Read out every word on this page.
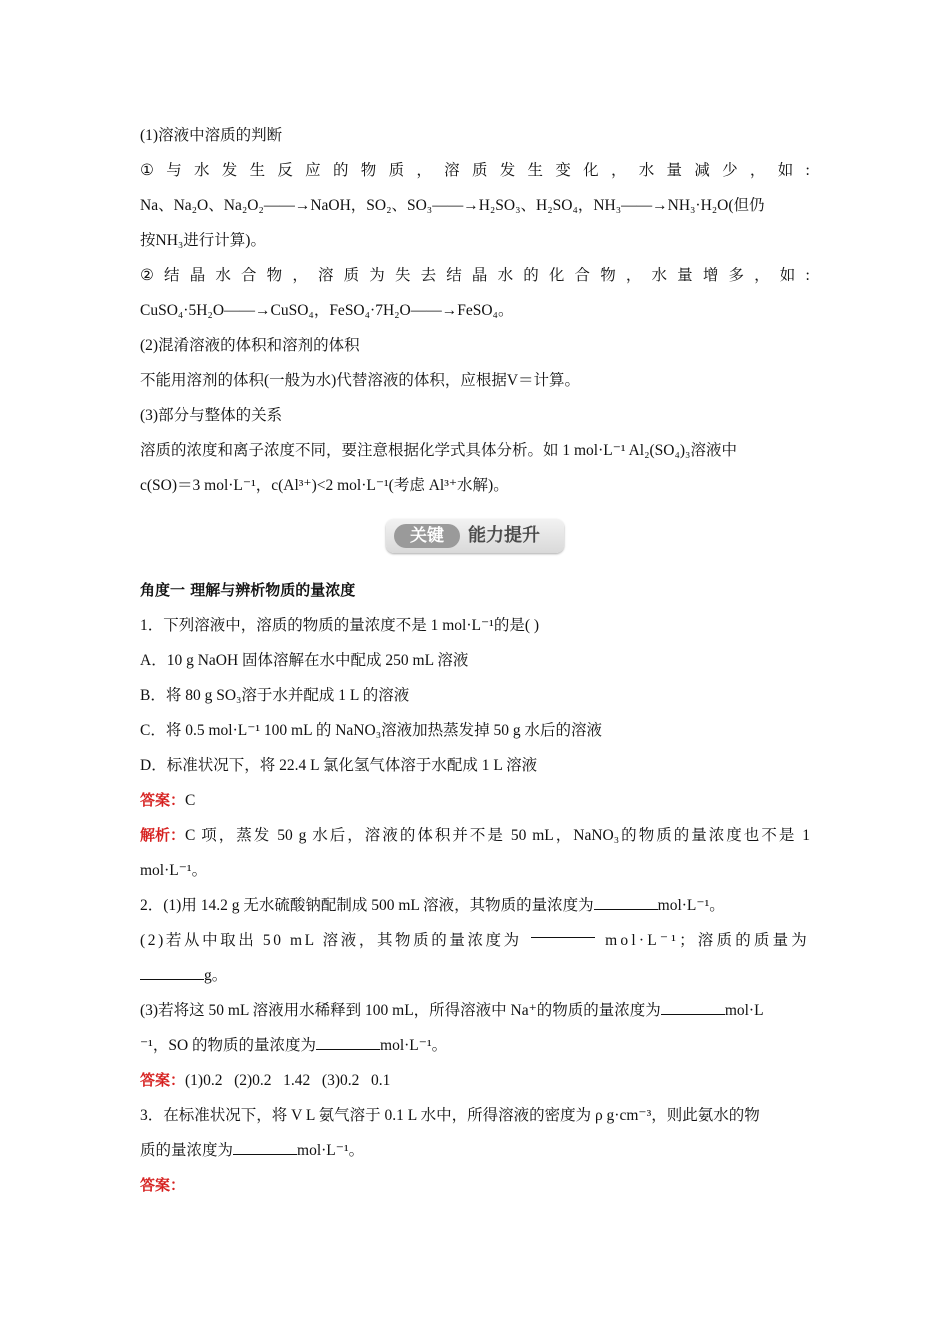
(1)溶液中溶质的判断
① 与 水 发 生 反 应 的 物 质 ， 溶 质 发 生 变 化 ， 水 量 减 少 ， 如 :
Na、Na₂O、Na₂O₂——→NaOH，SO₂、SO₃——→H₂SO₃、H₂SO₄，NH₃——→NH₃·H₂O(但仍
按NH₃进行计算)。
② 结 晶 水 合 物 ， 溶 质 为 失 去 结 晶 水 的 化 合 物 ， 水 量 增 多 ， 如 :
CuSO₄·5H₂O——→CuSO₄，FeSO₄·7H₂O——→FeSO₄。
(2)混淆溶液的体积和溶剂的体积
不能用溶剂的体积(一般为水)代替溶液的体积，应根据V＝计算。
(3)部分与整体的关系
溶质的浓度和离子浓度不同，要注意根据化学式具体分析。如 1 mol·L⁻¹ Al₂(SO₄)₃溶液中
c(SO)＝3 mol·L⁻¹，c(Al³⁺)<2 mol·L⁻¹(考虑 Al³⁺水解)。
角度一 理解与辨析物质的量浓度
1．下列溶液中，溶质的物质的量浓度不是 1 mol·L⁻¹的是( )
A．10 g NaOH 固体溶解在水中配成 250 mL 溶液
B．将 80 g SO₃溶于水并配成 1 L 的溶液
C．将 0.5 mol·L⁻¹ 100 mL 的 NaNO₃溶液加热蒸发掉 50 g 水后的溶液
D．标准状况下，将 22.4 L 氯化氢气体溶于水配成 1 L 溶液
答案：C
解析： C 项，蒸发 50 g 水后，溶液的体积并不是 50 mL，NaNO₃的物质的量浓度也不是 1
mol·L⁻¹。
2．(1)用 14.2 g 无水硫酸钠配制成 500 mL 溶液，其物质的量浓度为	mol·L⁻¹。
(2)若从中取出 50 mL 溶液，其物质的量浓度为	mol·L⁻¹；溶质的质量为
g。
(3)若将这 50 mL 溶液用水稀释到 100 mL，所得溶液中 Na⁺的物质的量浓度为	mol·L
⁻¹，SO 的物质的量浓度为	mol·L⁻¹。
答案：(1)0.2   (2)0.2   1.42   (3)0.2   0.1
3．在标准状况下，将 V L 氨气溶于 0.1 L 水中，所得溶液的密度为 ρ g·cm⁻³，则此氨水的物
质的量浓度为	mol·L⁻¹。
答案：
关键	能力提升
